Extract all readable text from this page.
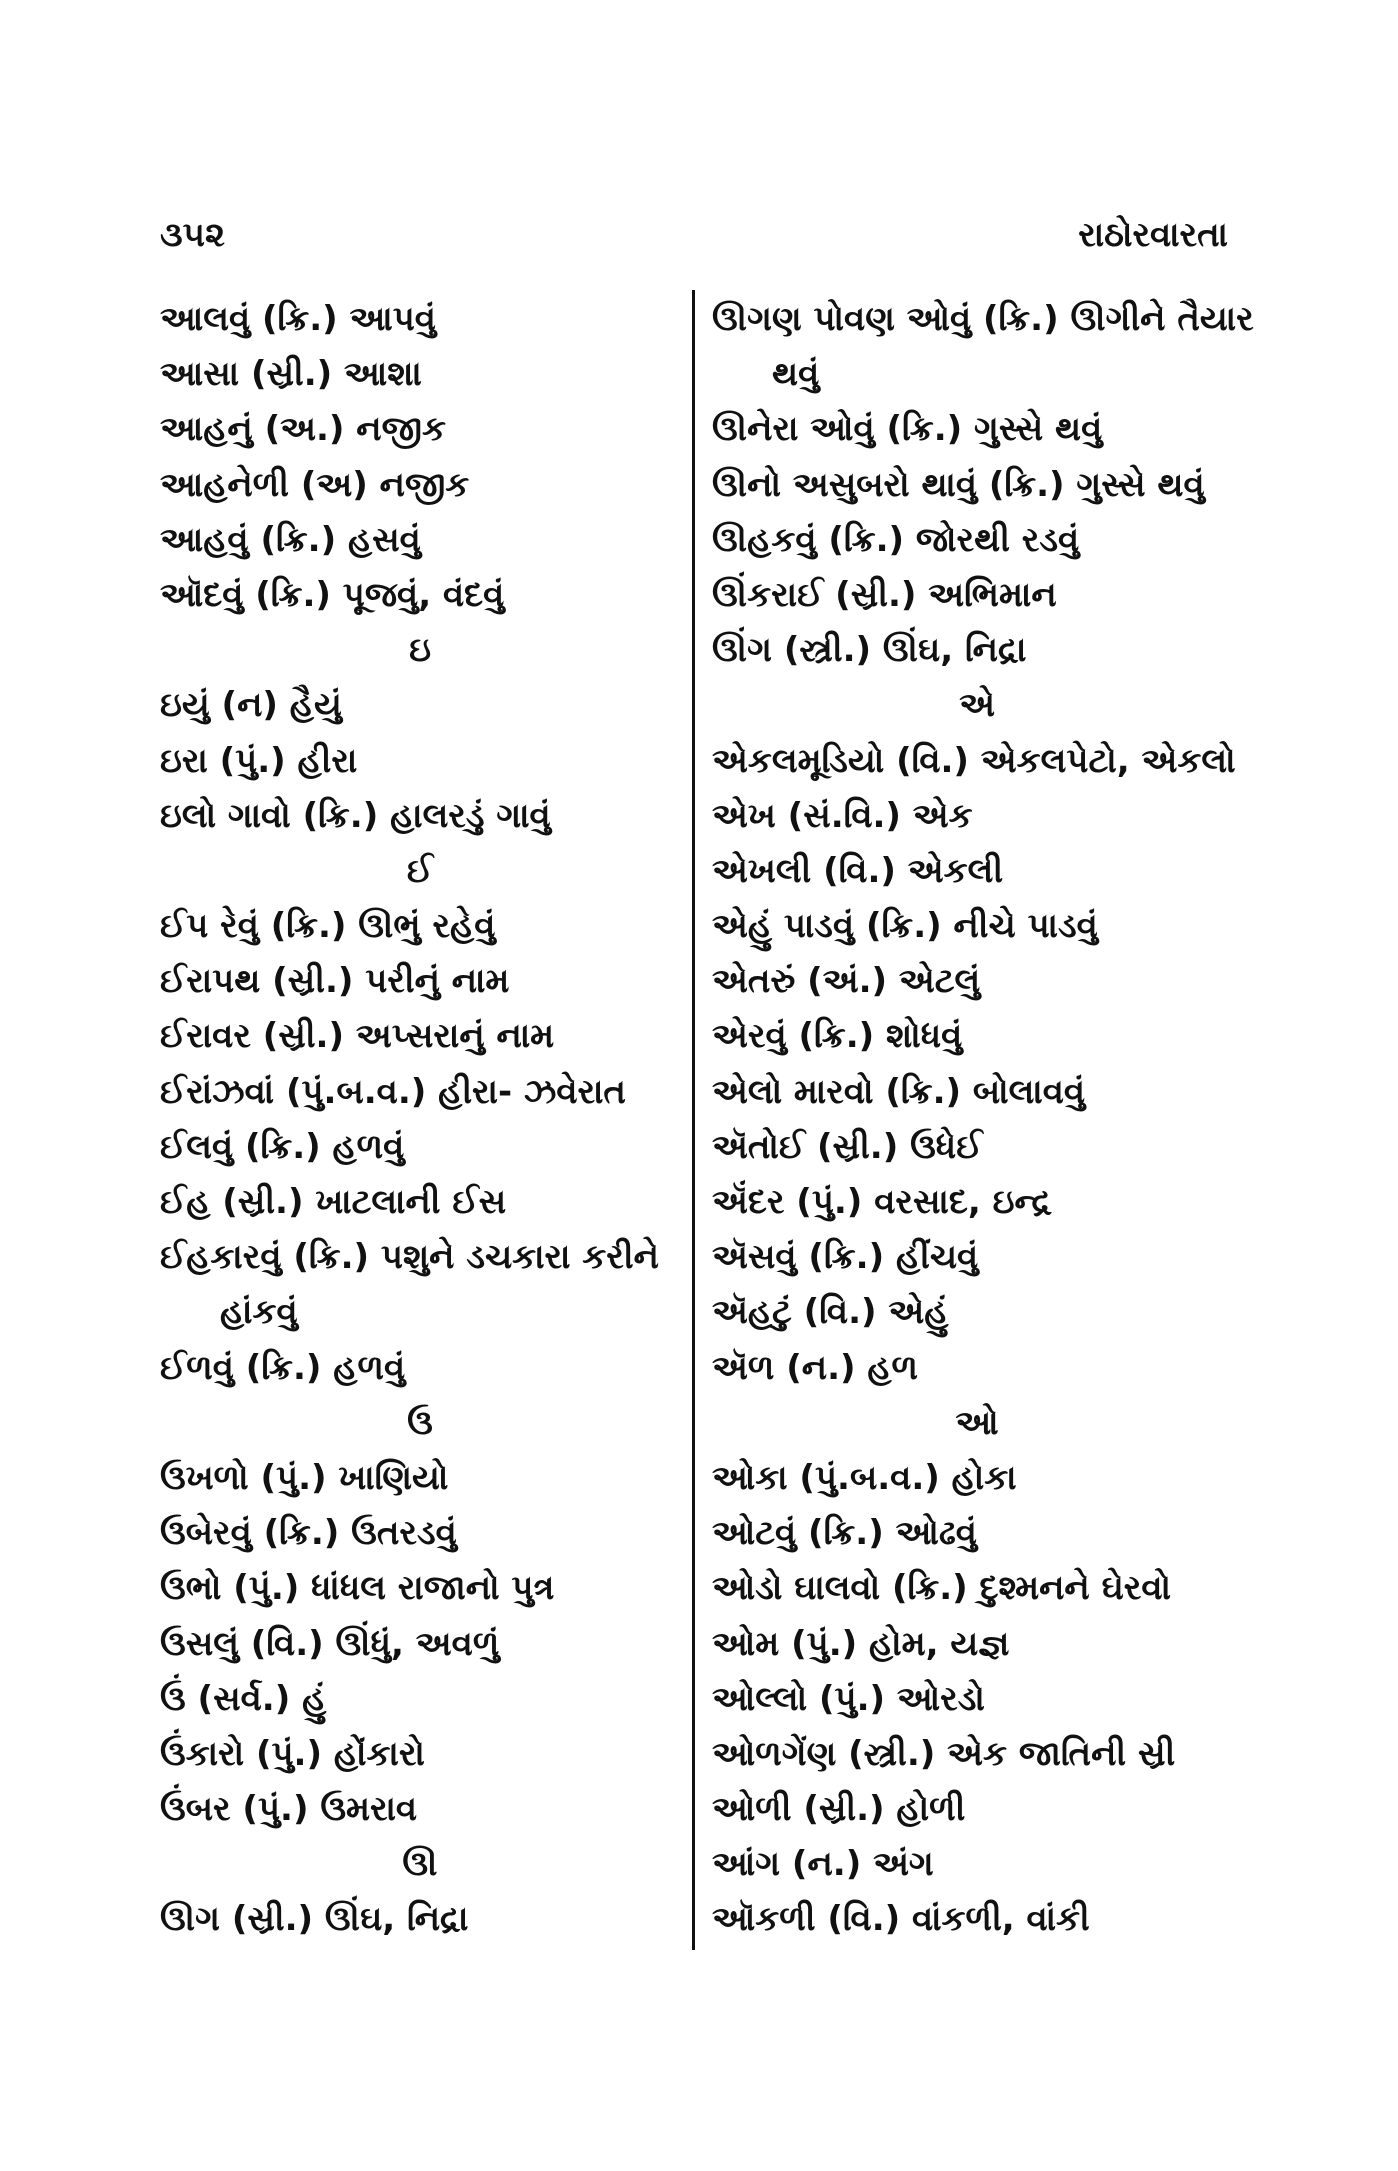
૩૫૨	રાઠોરવારતા
આલવું (ક્રિ.) આપવું
આસા (સ્રી.) આશા
આહનું (અ.) નજીક
આહનેળી (અ) નજીક
આહવું (ક્રિ.) હસવું
ઑદવું (ક્રિ.) પૂજવું, વંદવું
ઇ
ઇયું (ન) હૈયું
ઇરા (પું.) હીરા
ઇલો ગાવો (ક્રિ.) હાલરડું ગાવું
ઈ
ઈપ રેવું (ક્રિ.) ઊભું રહેવું
ઈરાપથ (સ્રી.) પરીનું નામ
ઈરાવર (સ્રી.) અપ્સરાનું નામ
ઈરાંઝવાં (પું.બ.વ.) હીરા- ઝવેરાત
ઈલવું (ક્રિ.) હળવું
ઈહ (સ્રી.) ખાટલાની ઈસ
ઈહકારવું (ક્રિ.) પશુને ડચકારા કરીને
હાંકવું
ઈળવું (ક્રિ.) હળવું
ઉ
ઉખળો (પું.) ખાણિયો
ઉબેરવું (ક્રિ.) ઉતરડવું
ઉભો (પું.) ધાંધલ રાજાનો પુત્ર
ઉસલું (વિ.) ઊંધું, અવળું
ઉં (સર્વ.) હું
ઉંકારો (પું.) હોંકારો
ઉંબર (પું.) ઉમરાવ
ઊ
ઊગ (સ્રી.) ઊંઘ, નિદ્રા
ઊગણ પોવણ ઓવું (ક્રિ.) ઊગીને તૈયાર
થવું
ઊનેરા ઓવું (ક્રિ.) ગુસ્સે થવું
ઊનો અસુબરો થાવું (ક્રિ.) ગુસ્સે થવું
ઊહકવું (ક્રિ.) જોરથી રડવું
ઊંકરાઈ (સ્રી.) અભિમાન
ઊંગ (સ્ત્રી.) ઊંઘ, નિદ્રા
એ
એકલમૂડિયો (વિ.) એકલપેટો, એકલો
એખ (સં.વિ.) એક
એખલી (વિ.) એકલી
એહું પાડવું (ક્રિ.) નીચે પાડવું
એતરું (અં.) એટલું
એરવું (ક્રિ.) શોધવું
એલો મારવો (ક્રિ.) બોલાવવું
ઍતોઈ (સ્રી.) ઉધેઈ
ઍંદર (પું.) વરસાદ, ઇન્દ્ર
ઍસવું (ક્રિ.) હીંચવું
ઍહટું (વિ.) એહું
ઍળ (ન.) હળ
ઓ
ઓકા (પું.બ.વ.) હોકા
ઓટવું (ક્રિ.) ઓઢવું
ઓડો ઘાલવો (ક્રિ.) દુશ્મનને ઘેરવો
ઓમ (પું.) હોમ, યજ્ઞ
ઓલ્લો (પું.) ઓરડો
ઓળગેંણ (સ્ત્રી.) એક જાતિની સ્રી
ઓળી (સ્રી.) હોળી
આંગ (ન.) અંગ
ઑકળી (વિ.) વાંકળી, વાંકી
